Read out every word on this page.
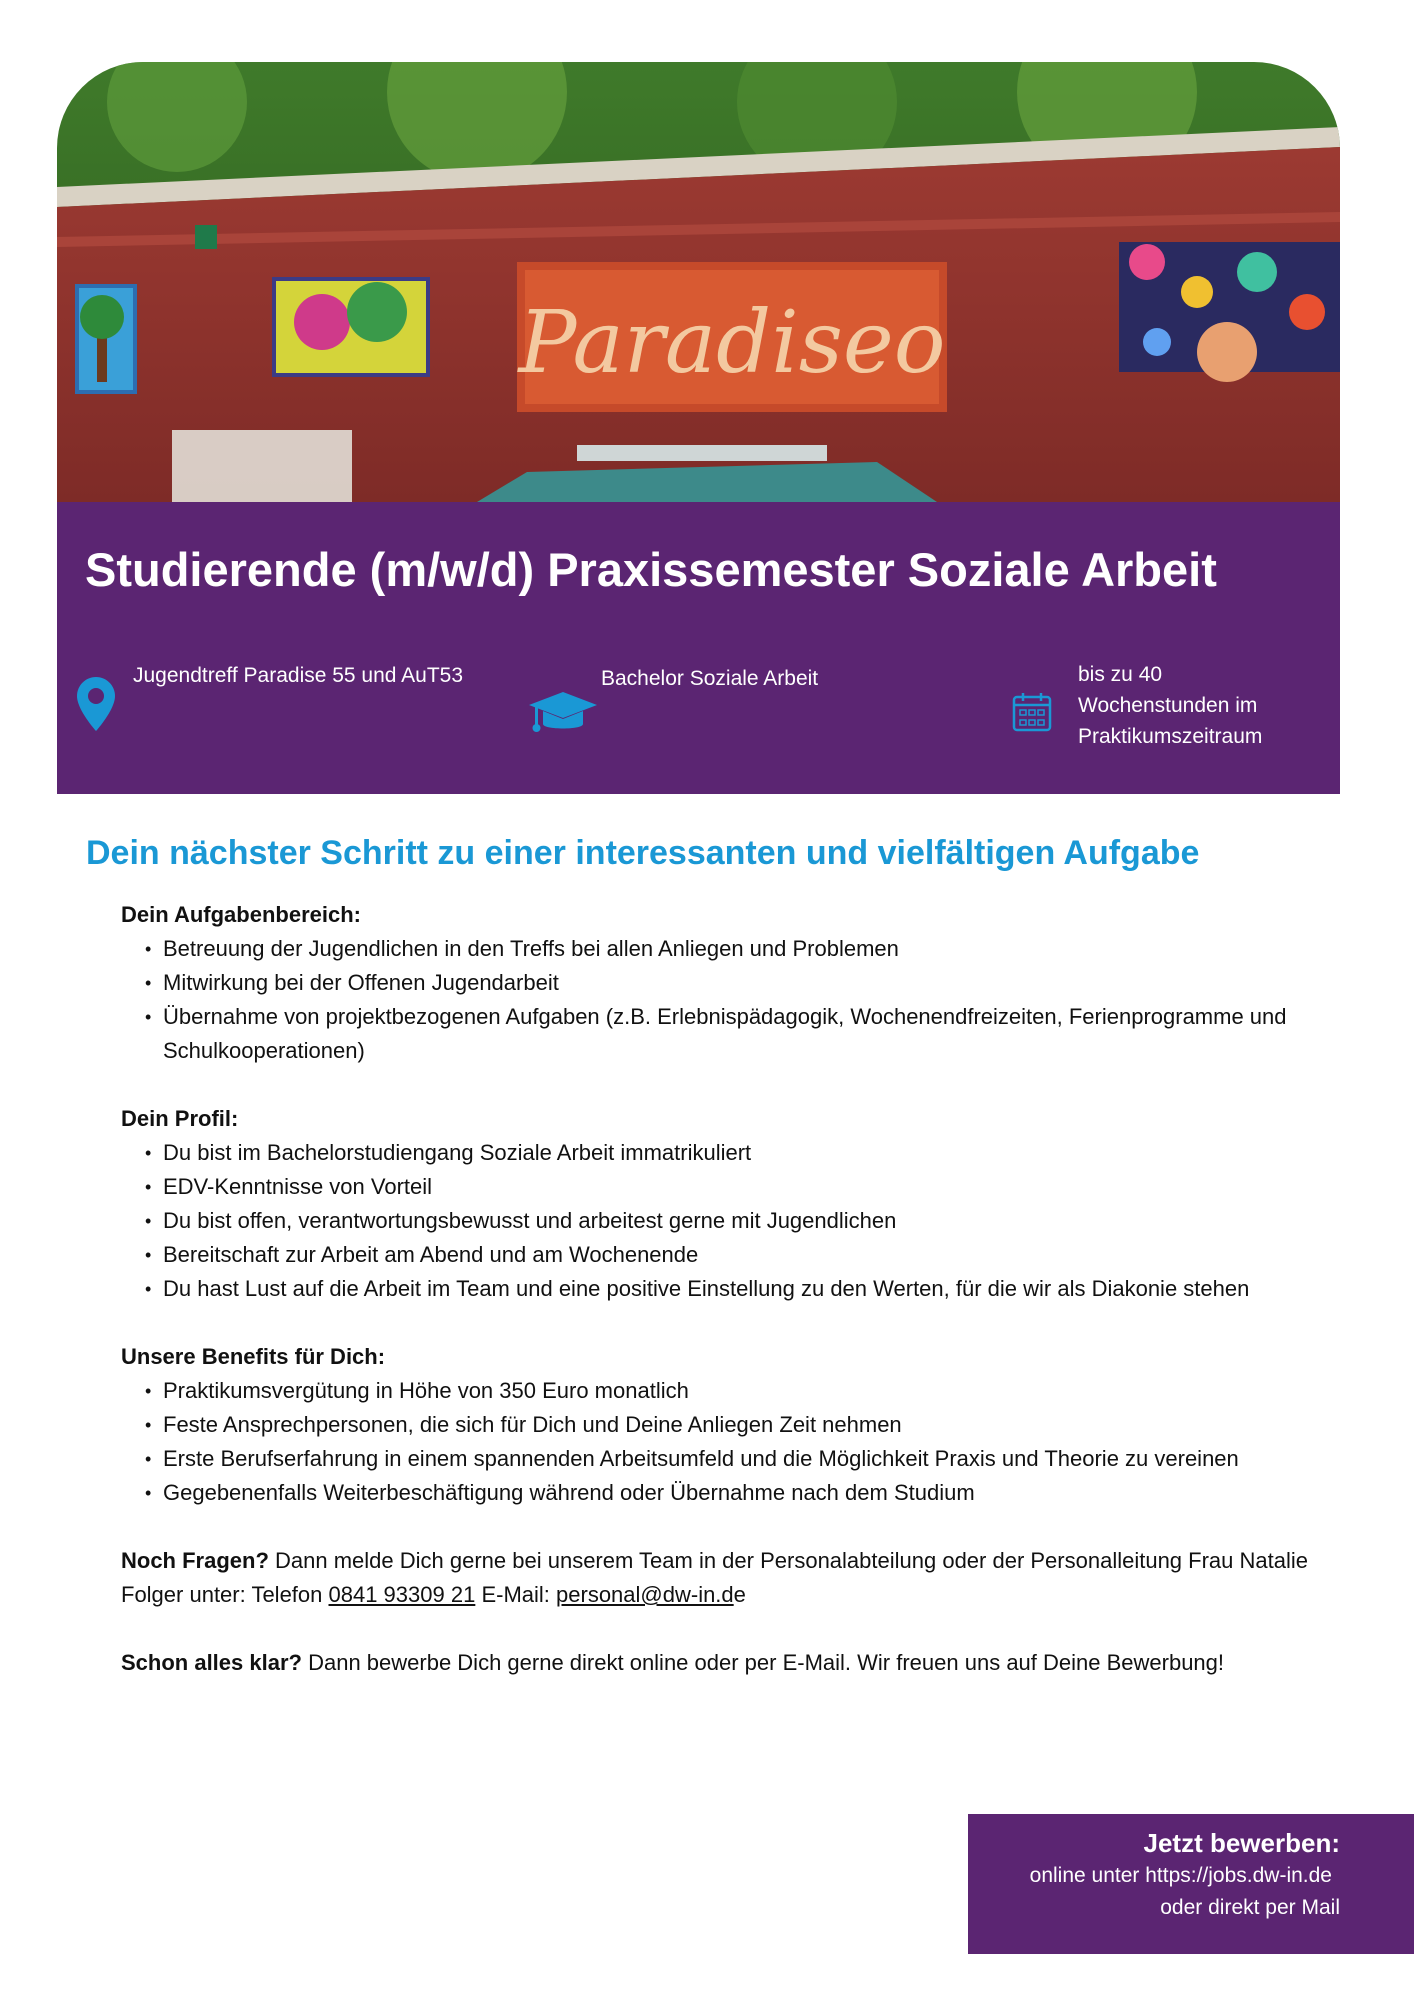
Paradiseo
Studierende (m/w/d) Praxissemester Soziale Arbeit
Jugendtreff Paradise 55 und AuT53	Bachelor Soziale Arbeit	bis zu 40
Wochenstunden im
Praktikumszeitraum
Dein nächster Schritt zu einer interessanten und vielfältigen Aufgabe
Dein Aufgabenbereich:
• Betreuung der Jugendlichen in den Treffs bei allen Anliegen und Problemen
• Mitwirkung bei der Offenen Jugendarbeit
• Übernahme von projektbezogenen Aufgaben (z.B. Erlebnispädagogik, Wochenendfreizeiten, Ferienprogramme und Schulkooperationen)
Dein Profil:
• Du bist im Bachelorstudiengang Soziale Arbeit immatrikuliert
• EDV-Kenntnisse von Vorteil
• Du bist offen, verantwortungsbewusst und arbeitest gerne mit Jugendlichen
• Bereitschaft zur Arbeit am Abend und am Wochenende
• Du hast Lust auf die Arbeit im Team und eine positive Einstellung zu den Werten, für die wir als Diakonie stehen
Unsere Benefits für Dich:
• Praktikumsvergütung in Höhe von 350 Euro monatlich
• Feste Ansprechpersonen, die sich für Dich und Deine Anliegen Zeit nehmen
• Erste Berufserfahrung in einem spannenden Arbeitsumfeld und die Möglichkeit Praxis und Theorie zu vereinen
• Gegebenenfalls Weiterbeschäftigung während oder Übernahme nach dem Studium

Noch Fragen? Dann melde Dich gerne bei unserem Team in der Personalabteilung oder der Personalleitung Frau Natalie Folger unter: Telefon 0841 93309 21 E-Mail: personal@dw-in.de

Schon alles klar? Dann bewerbe Dich gerne direkt online oder per E-Mail. Wir freuen uns auf Deine Bewerbung!

Jetzt bewerben:
online unter https://jobs.dw-in.de
oder direkt per Mail
